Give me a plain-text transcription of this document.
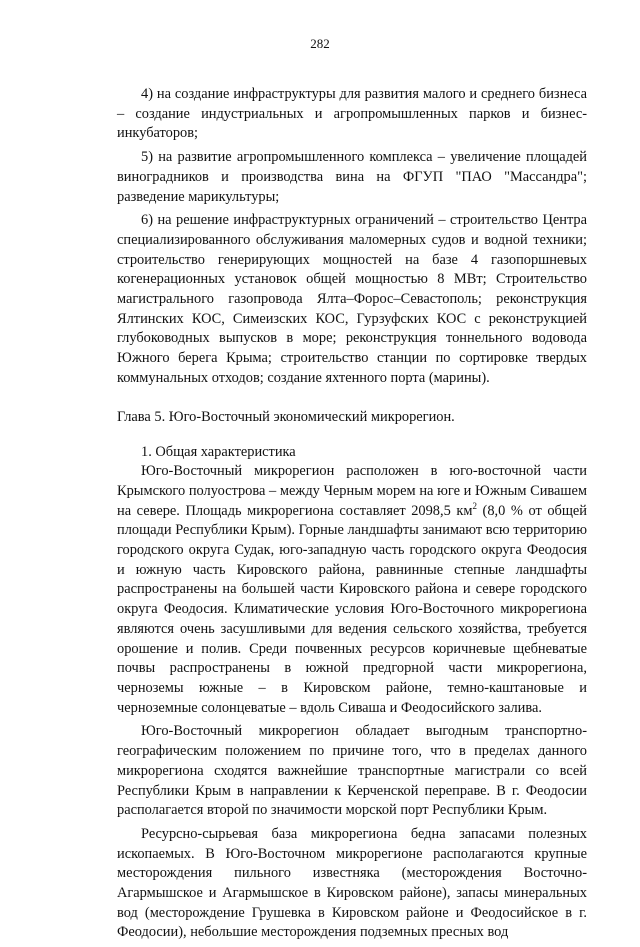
282

4) на создание инфраструктуры для развития малого и среднего бизнеса – создание индустриальных и агропромышленных парков и бизнес-инкубаторов;

5) на развитие агропромышленного комплекса – увеличение площадей виноградников и производства вина на ФГУП "ПАО "Массандра"; разведение марикультуры;

6) на решение инфраструктурных ограничений – строительство Центра специализированного обслуживания маломерных судов и водной техники; строительство генерирующих мощностей на базе 4 газопоршневых когенерационных установок общей мощностью 8 МВт; Строительство магистрального газопровода Ялта–Форос–Севастополь; реконструкция Ялтинских КОС, Симеизских КОС, Гурзуфских КОС с реконструкцией глубоководных выпусков в море; реконструкция тоннельного водовода Южного берега Крыма; строительство станции по сортировке твердых коммунальных отходов; создание яхтенного порта (марины).

Глава 5. Юго-Восточный экономический микрорегион.

1. Общая характеристика

Юго-Восточный микрорегион расположен в юго-восточной части Крымского полуострова – между Черным морем на юге и Южным Сивашем на севере. Площадь микрорегиона составляет 2098,5 $км^2$ (8,0 % от общей площади Республики Крым). Горные ландшафты занимают всю территорию городского округа Судак, юго-западную часть городского округа Феодосия и южную часть Кировского района, равнинные степные ландшафты распространены на большей части Кировского района и севере городского округа Феодосия. Климатические условия Юго-Восточного микрорегиона являются очень засушливыми для ведения сельского хозяйства, требуется орошение и полив. Среди почвенных ресурсов коричневые щебневатые почвы распространены в южной предгорной части микрорегиона, черноземы южные – в Кировском районе, темно-каштановые и черноземные солонцеватые – вдоль Сиваша и Феодосийского залива.

Юго-Восточный микрорегион обладает выгодным транспортно-географическим положением по причине того, что в пределах данного микрорегиона сходятся важнейшие транспортные магистрали со всей Республики Крым в направлении к Керченской переправе. В г. Феодосии располагается второй по значимости морской порт Республики Крым.

Ресурсно-сырьевая база микрорегиона бедна запасами полезных ископаемых. В Юго-Восточном микрорегионе располагаются крупные месторождения пильного известняка (месторождения Восточно-Агармышское и Агармышское в Кировском районе), запасы минеральных вод (месторождение Грушевка в Кировском районе и Феодосийское в г. Феодосии), небольшие месторождения подземных пресных вод
